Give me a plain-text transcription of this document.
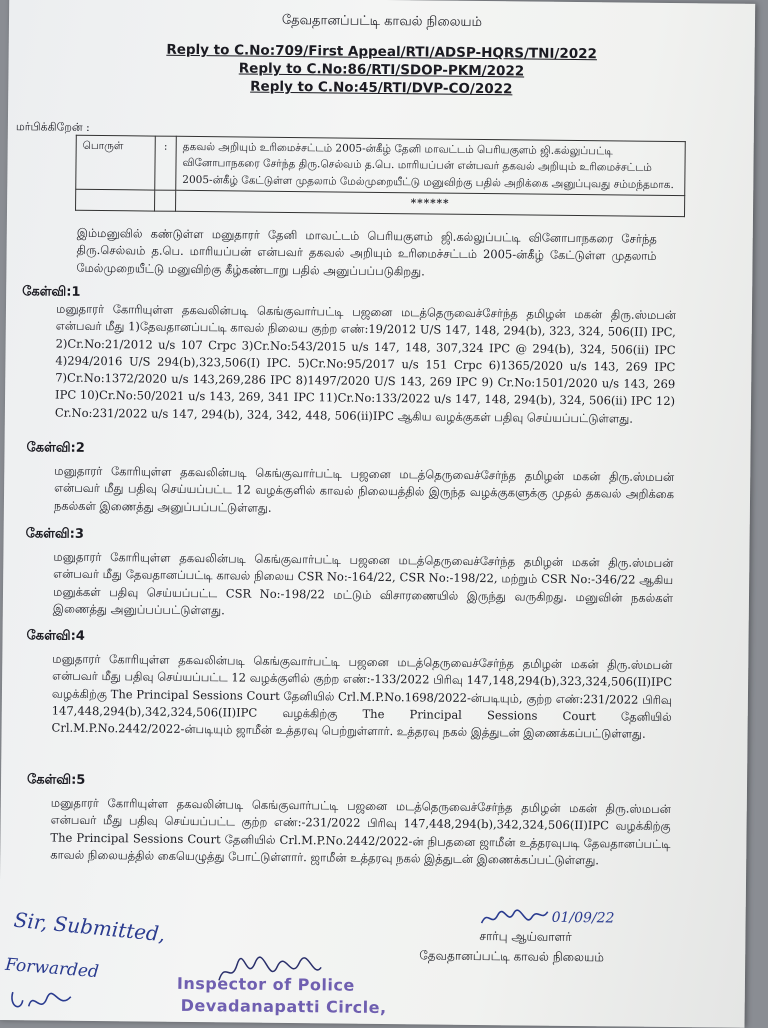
தேவதானப்பட்டி காவல் நிலையம்
Reply to C.No:709/First Appeal/RTI/ADSP-HQRS/TNI/2022
Reply to C.No:86/RTI/SDOP-PKM/2022
Reply to C.No:45/RTI/DVP-CO/2022
மர்பிக்கிறேன் :
பொருள்	:	தகவல் அறியும் உரிமைச்சட்டம் 2005-ன்கீழ் தேனி மாவட்டம் பெரியகுளம் ஜி.கல்லுப்பட்டி வினோபாநகரை சேர்ந்த திரு.செல்வம் த.பெ. மாரியப்பன் என்பவர் தகவல் அறியும் உரிமைச்சட்டம் 2005-ன்கீழ் கேட்டுள்ள முதலாம் மேல்முறையீட்டு மனுவிற்கு பதில் அறிக்கை அனுப்புவது சம்மந்தமாக.
		******
இம்மனுவில் கண்டுள்ள மனுதாரர் தேனி மாவட்டம் பெரியகுளம் ஜி.கல்லுப்பட்டி வினோபாநகரை சேர்ந்த திரு.செல்வம் த.பெ. மாரியப்பன் என்பவர் தகவல் அறியும் உரிமைச்சட்டம் 2005-ன்கீழ் கேட்டுள்ள முதலாம் மேல்முறையீட்டு மனுவிற்கு கீழ்கண்டாறு பதில் அனுப்பப்படுகிறது.
கேள்வி:1
மனுதாரர் கோரியுள்ள தகவலின்படி கெங்குவார்பட்டி பஜனை மடத்தெருவைச்சேர்ந்த தமிழன் மகன் திரு.ஸ்மபன் என்பவர் மீது 1)தேவதானப்பட்டி காவல் நிலைய குற்ற எண்:19/2012 U/S 147, 148, 294(b), 323, 324, 506(II) IPC, 2)Cr.No:21/2012 u/s 107 Crpc 3)Cr.No:543/2015 u/s 147, 148, 307,324 IPC @ 294(b), 324, 506(ii) IPC 4)294/2016 U/S 294(b),323,506(I) IPC. 5)Cr.No:95/2017 u/s 151 Crpc 6)1365/2020 u/s 143, 269 IPC 7)Cr.No:1372/2020 u/s 143,269,286 IPC 8)1497/2020 U/S 143, 269 IPC 9) Cr.No:1501/2020 u/s 143, 269 IPC 10)Cr.No:50/2021 u/s 143, 269, 341 IPC 11)Cr.No:133/2022 u/s 147, 148, 294(b), 324, 506(ii) IPC 12) Cr.No:231/2022 u/s 147, 294(b), 324, 342, 448, 506(ii)IPC ஆகிய வழக்குகள் பதிவு செய்யப்பட்டுள்ளது.
கேள்வி:2
மனுதாரர் கோரியுள்ள தகவலின்படி கெங்குவார்பட்டி பஜனை மடத்தெருவைச்சேர்ந்த தமிழன் மகன் திரு.ஸ்மபன் என்பவர் மீது பதிவு செய்யப்பட்ட 12 வழக்குளில் காவல் நிலையத்தில் இருந்த வழக்குகளுக்கு முதல் தகவல் அறிக்கை நகல்கள் இணைத்து அனுப்பப்பட்டுள்ளது.
கேள்வி:3
மனுதாரர் கோரியுள்ள தகவலின்படி கெங்குவார்பட்டி பஜனை மடத்தெருவைச்சேர்ந்த தமிழன் மகன் திரு.ஸ்மபன் என்பவர் மீது தேவதானப்பட்டி காவல் நிலைய CSR No:-164/22, CSR No:-198/22, மற்றும் CSR No:-346/22 ஆகிய மனுக்கள் பதிவு செய்யப்பட்ட CSR No:-198/22 மட்டும் விசாரணையில் இருந்து வருகிறது. மனுவின் நகல்கள் இணைத்து அனுப்பப்பட்டுள்ளது.
கேள்வி:4
மனுதாரர் கோரியுள்ள தகவலின்படி கெங்குவார்பட்டி பஜனை மடத்தெருவைச்சேர்ந்த தமிழன் மகன் திரு.ஸ்மபன் என்பவர் மீது பதிவு செய்யப்பட்ட 12 வழக்குளில் குற்ற எண்:-133/2022 பிரிவு 147,148,294(b),323,324,506(II)IPC வழக்கிற்கு The Principal Sessions Court தேனியில் Crl.M.P.No.1698/2022-ன்படியும், குற்ற எண்:231/2022 பிரிவு 147,448,294(b),342,324,506(II)IPC வழக்கிற்கு The Principal Sessions Court தேனியில் Crl.M.P.No.2442/2022-ன்படியும் ஜாமீன் உத்தரவு பெற்றுள்ளார். உத்தரவு நகல் இத்துடன் இணைக்கப்பட்டுள்ளது.
கேள்வி:5
மனுதாரர் கோரியுள்ள தகவலின்படி கெங்குவார்பட்டி பஜனை மடத்தெருவைச்சேர்ந்த தமிழன் மகன் திரு.ஸ்மபன் என்பவர் மீது பதிவு செய்யப்பட்ட குற்ற எண்:-231/2022 பிரிவு 147,448,294(b),342,324,506(II)IPC வழக்கிற்கு The Principal Sessions Court தேனியில் Crl.M.P.No.2442/2022-ன் நிபதனை ஜாமீன் உத்தரவுபடி தேவதானப்பட்டி காவல் நிலையத்தில் கையெழுத்து போட்டுள்ளார். ஜாமீன் உத்தரவு நகல் இத்துடன் இணைக்கப்பட்டுள்ளது.
01/09/22
சார்பு ஆய்வாளர்
தேவதானப்பட்டி காவல் நிலையம்
Sir, Submitted,
Forwarded
Inspector of Police
Devadanapatti Circle,
